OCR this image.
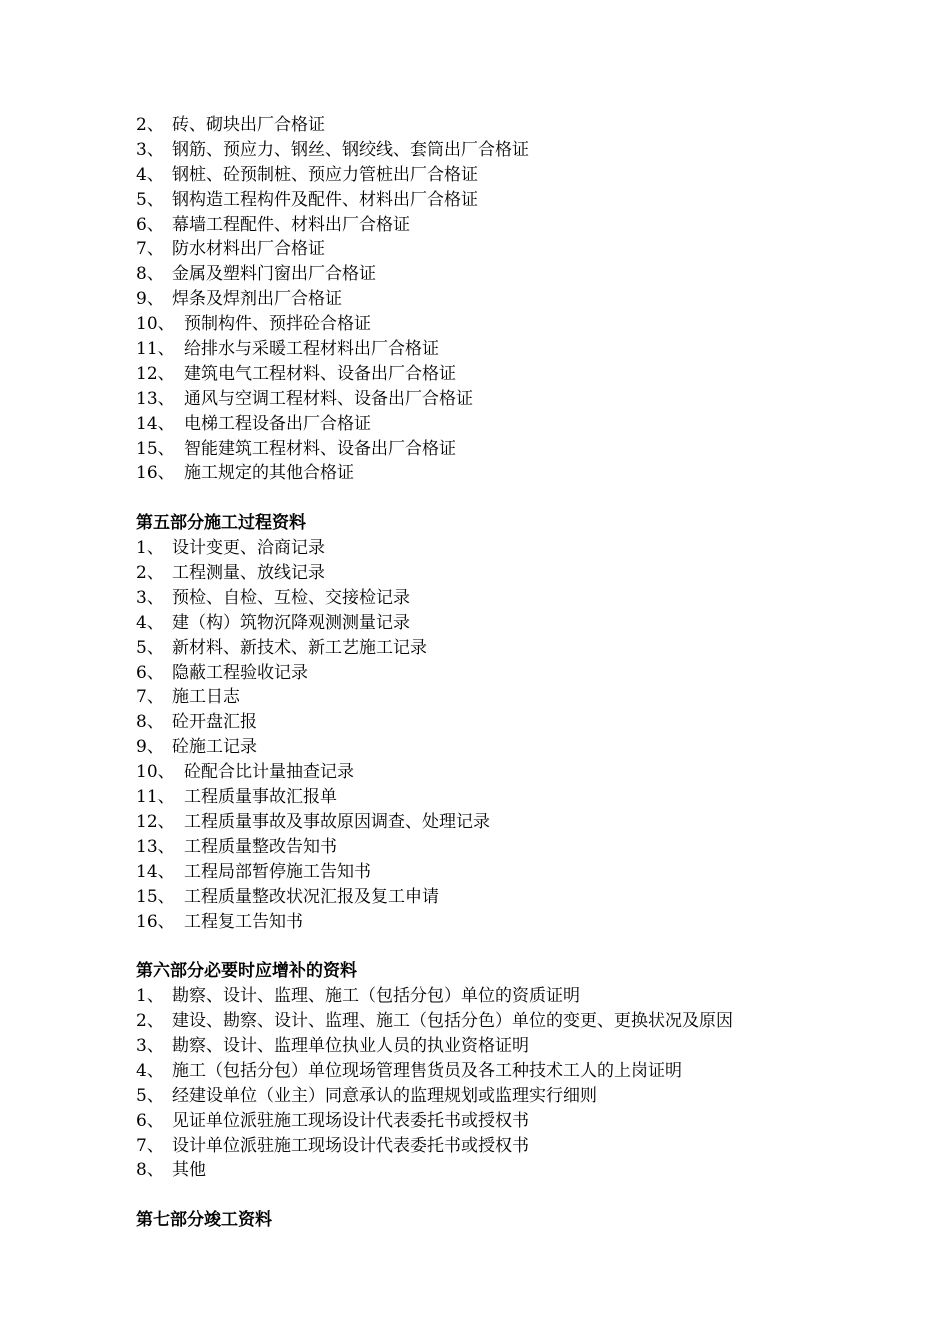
2、 砖、砌块出厂合格证
3、 钢筋、预应力、钢丝、钢绞线、套筒出厂合格证
4、 钢桩、砼预制桩、预应力管桩出厂合格证
5、 钢构造工程构件及配件、材料出厂合格证
6、 幕墙工程配件、材料出厂合格证
7、 防水材料出厂合格证
8、 金属及塑料门窗出厂合格证
9、 焊条及焊剂出厂合格证
10、 预制构件、预拌砼合格证
11、 给排水与采暖工程材料出厂合格证
12、 建筑电气工程材料、设备出厂合格证
13、 通风与空调工程材料、设备出厂合格证
14、 电梯工程设备出厂合格证
15、 智能建筑工程材料、设备出厂合格证
16、 施工规定的其他合格证
第五部分施工过程资料
1、 设计变更、洽商记录
2、 工程测量、放线记录
3、 预检、自检、互检、交接检记录
4、 建（构）筑物沉降观测测量记录
5、 新材料、新技术、新工艺施工记录
6、 隐蔽工程验收记录
7、 施工日志
8、 砼开盘汇报
9、 砼施工记录
10、 砼配合比计量抽查记录
11、 工程质量事故汇报单
12、 工程质量事故及事故原因调查、处理记录
13、 工程质量整改告知书
14、 工程局部暂停施工告知书
15、 工程质量整改状况汇报及复工申请
16、 工程复工告知书
第六部分必要时应增补的资料
1、 勘察、设计、监理、施工（包括分包）单位的资质证明
2、 建设、勘察、设计、监理、施工（包括分色）单位的变更、更换状况及原因
3、 勘察、设计、监理单位执业人员的执业资格证明
4、 施工（包括分包）单位现场管理售货员及各工种技术工人的上岗证明
5、 经建设单位（业主）同意承认的监理规划或监理实行细则
6、 见证单位派驻施工现场设计代表委托书或授权书
7、 设计单位派驻施工现场设计代表委托书或授权书
8、 其他
第七部分竣工资料
